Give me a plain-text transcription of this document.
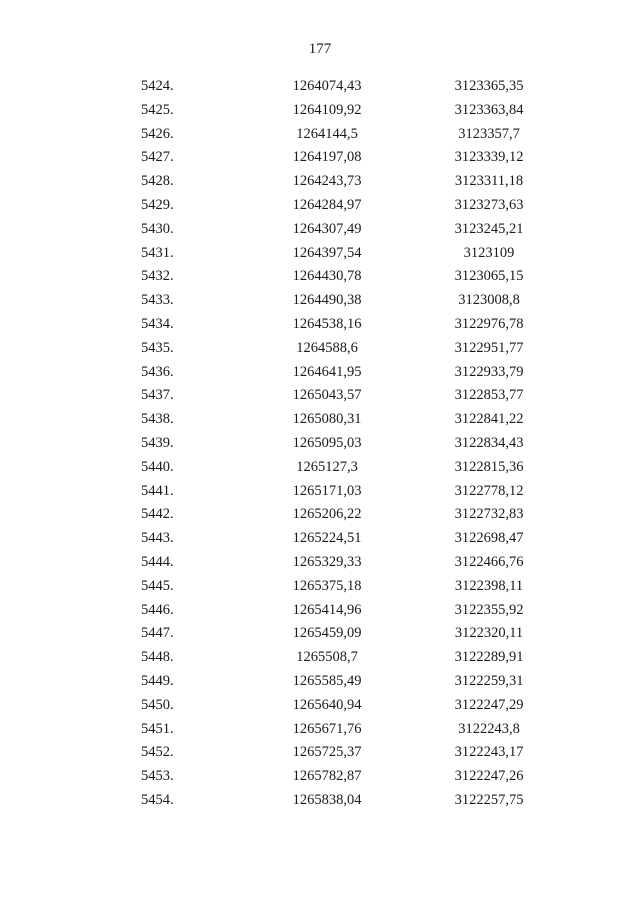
177
5424.	1264074,43	3123365,35
5425.	1264109,92	3123363,84
5426.	1264144,5	3123357,7
5427.	1264197,08	3123339,12
5428.	1264243,73	3123311,18
5429.	1264284,97	3123273,63
5430.	1264307,49	3123245,21
5431.	1264397,54	3123109
5432.	1264430,78	3123065,15
5433.	1264490,38	3123008,8
5434.	1264538,16	3122976,78
5435.	1264588,6	3122951,77
5436.	1264641,95	3122933,79
5437.	1265043,57	3122853,77
5438.	1265080,31	3122841,22
5439.	1265095,03	3122834,43
5440.	1265127,3	3122815,36
5441.	1265171,03	3122778,12
5442.	1265206,22	3122732,83
5443.	1265224,51	3122698,47
5444.	1265329,33	3122466,76
5445.	1265375,18	3122398,11
5446.	1265414,96	3122355,92
5447.	1265459,09	3122320,11
5448.	1265508,7	3122289,91
5449.	1265585,49	3122259,31
5450.	1265640,94	3122247,29
5451.	1265671,76	3122243,8
5452.	1265725,37	3122243,17
5453.	1265782,87	3122247,26
5454.	1265838,04	3122257,75
